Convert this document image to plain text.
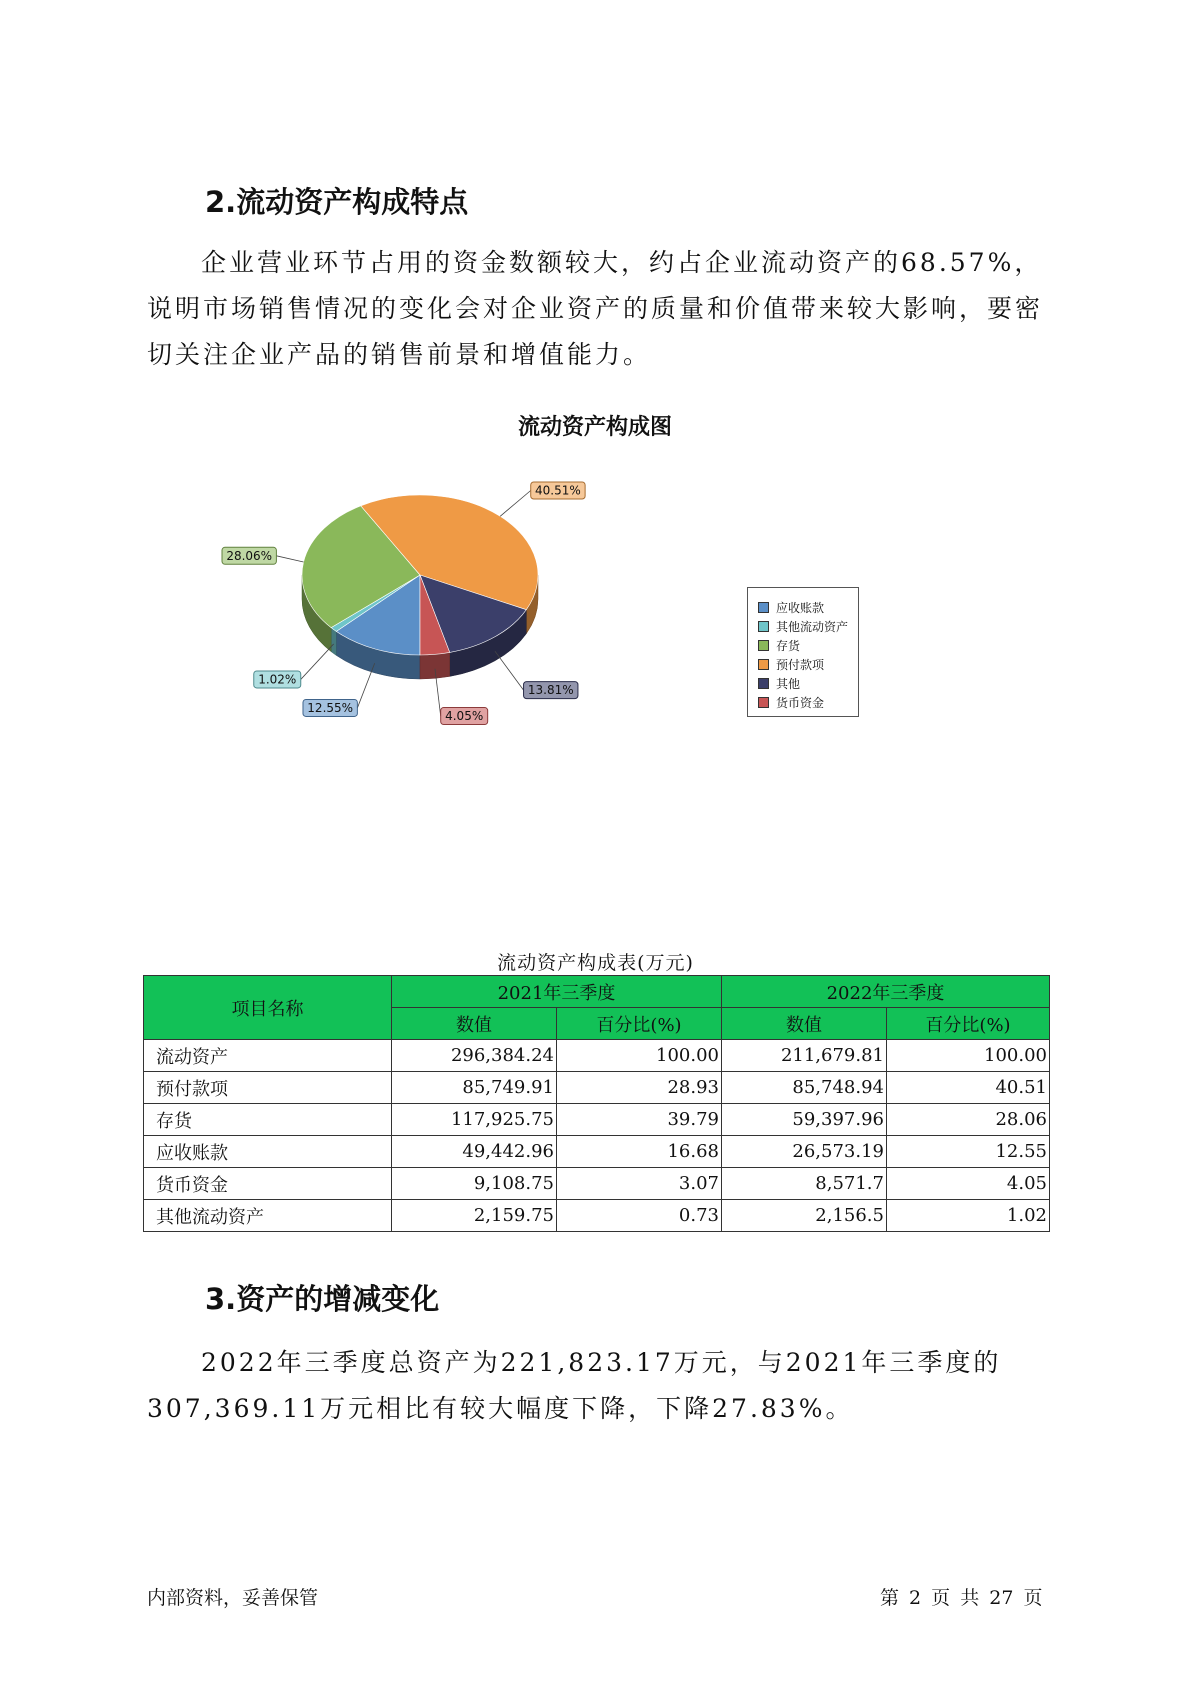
2.流动资产构成特点

企业营业环节占用的资金数额较大，约占企业流动资产的68.57%，说明市场销售情况的变化会对企业资产的质量和价值带来较大影响，要密切关注企业产品的销售前景和增值能力。

流动资产构成图
12.55%
1.02%
28.06%
40.51%
13.81%
4.05%
应收账款
其他流动资产
存货
预付款项
其他
货币资金
流动资产构成表(万元)
项目名称	2021年三季度		2022年三季度	
	数值	百分比(%)	数值	百分比(%)
流动资产	296,384.24	100.00	211,679.81	100.00
预付款项	85,749.91	28.93	85,748.94	40.51
存货	117,925.75	39.79	59,397.96	28.06
应收账款	49,442.96	16.68	26,573.19	12.55
货币资金	9,108.75	3.07	8,571.7	4.05
其他流动资产	2,159.75	0.73	2,156.5	1.02
3.资产的增减变化

2022年三季度总资产为221,823.17万元，与2021年三季度的307,369.11万元相比有较大幅度下降，下降27.83%。

内部资料，妥善保管	第 2 页 共 27 页
